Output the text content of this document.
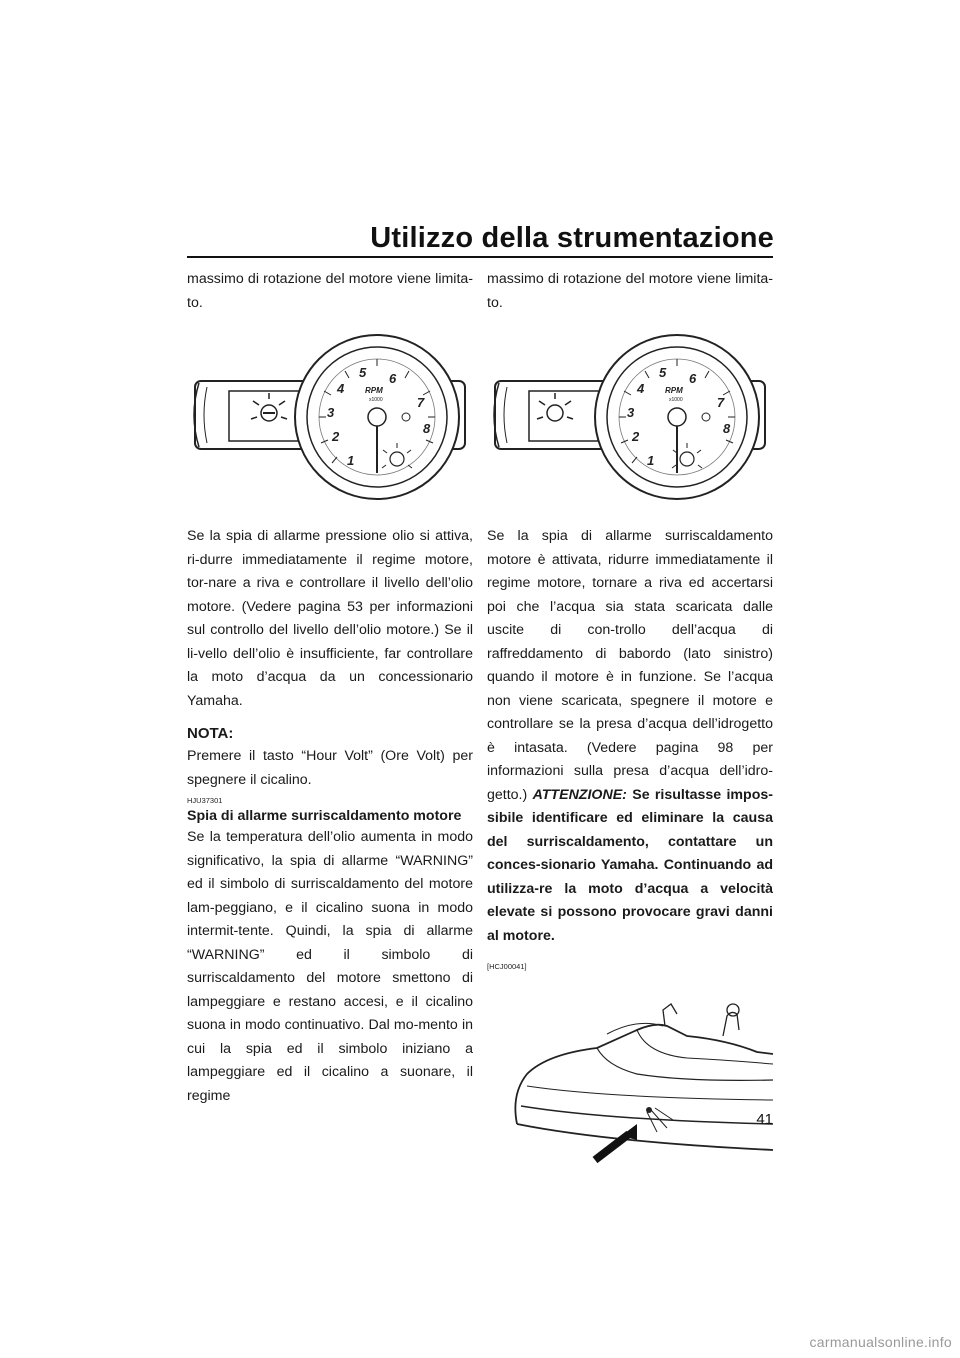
Utilizzo della strumentazione

massimo di rotazione del motore viene limita-to.

1
2
3
4
5 6
7
8
RPM
x1000

Se la spia di allarme pressione olio si attiva, ri-durre immediatamente il regime motore, tor-nare a riva e controllare il livello dell’olio motore. (Vedere pagina 53 per informazioni sul controllo del livello dell’olio motore.) Se il li-vello dell’olio è insufficiente, far controllare la moto d’acqua da un concessionario Yamaha.

NOTA:

Premere il tasto “Hour Volt” (Ore Volt) per spegnere il cicalino.

HJU37301
Spia di allarme surriscaldamento motore

Se la temperatura dell’olio aumenta in modo significativo, la spia di allarme “WARNING” ed il simbolo di surriscaldamento del motore lam-peggiano, e il cicalino suona in modo intermit-tente. Quindi, la spia di allarme “WARNING” ed il simbolo di surriscaldamento del motore smettono di lampeggiare e restano accesi, e il cicalino suona in modo continuativo. Dal mo-mento in cui la spia ed il simbolo iniziano a lampeggiare ed il cicalino a suonare, il regime

massimo di rotazione del motore viene limita-to.

1
2
3
4
5 6
7
8
RPM
x1000

Se la spia di allarme surriscaldamento motore è attivata, ridurre immediatamente il regime motore, tornare a riva ed accertarsi poi che l’acqua sia stata scaricata dalle uscite di con-trollo dell’acqua di raffreddamento di babordo (lato sinistro) quando il motore è in funzione. Se l’acqua non viene scaricata, spegnere il motore e controllare se la presa d’acqua dell’idrogetto è intasata. (Vedere pagina 98 per informazioni sulla presa d’acqua dell’idro-getto.) ATTENZIONE: Se risultasse impos-sibile identificare ed eliminare la causa del surriscaldamento, contattare un conces-sionario Yamaha. Continuando ad utilizza-re la moto d’acqua a velocità elevate si possono provocare gravi danni al motore.

[HCJ00041]
41
carmanualsonline.info
